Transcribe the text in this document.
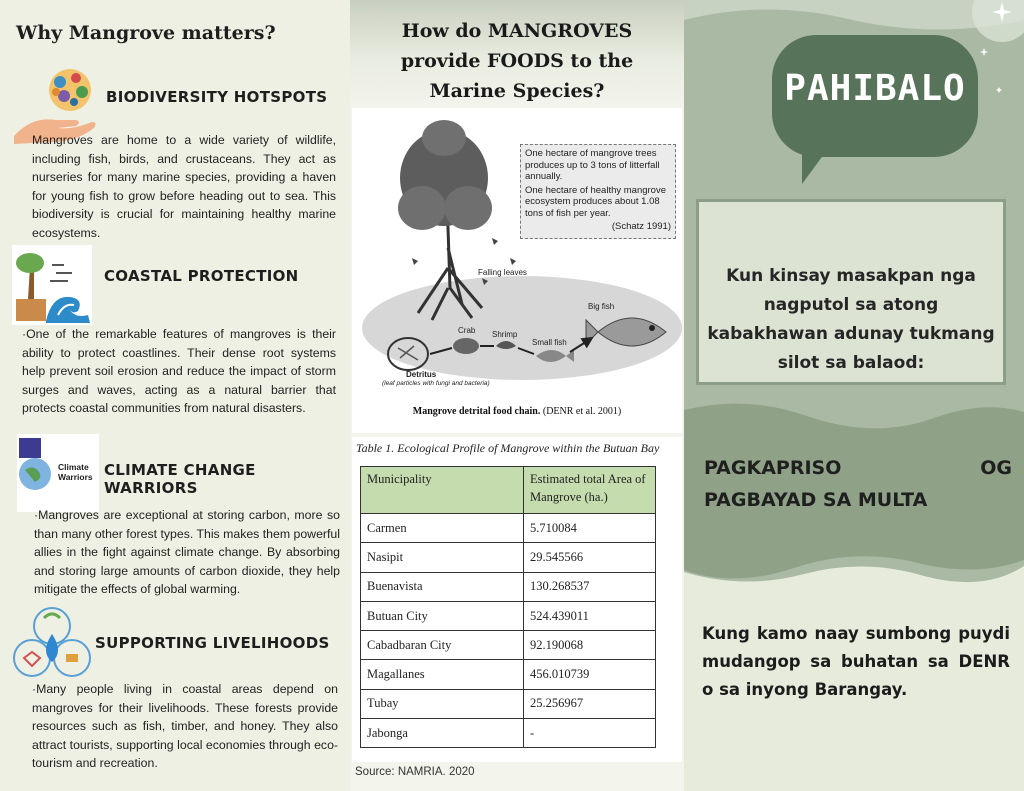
Why Mangrove matters?
BIODIVERSITY HOTSPOTS
Mangroves are home to a wide variety of wildlife, including fish, birds, and crustaceans. They act as nurseries for many marine species, providing a haven for young fish to grow before heading out to sea. This biodiversity is crucial for maintaining healthy marine ecosystems.
COASTAL PROTECTION
·One of the remarkable features of mangroves is their ability to protect coastlines. Their dense root systems help prevent soil erosion and reduce the impact of storm surges and waves, acting as a natural barrier that protects coastal communities from natural disasters.
Climate Warriors CLIMATE CHANGE WARRIORS
·Mangroves are exceptional at storing carbon, more so than many other forest types. This makes them powerful allies in the fight against climate change. By absorbing and storing large amounts of carbon dioxide, they help mitigate the effects of global warming.
SUPPORTING LIVELIHOODS
·Many people living in coastal areas depend on mangroves for their livelihoods. These forests provide resources such as fish, timber, and honey. They also attract tourists, supporting local economies through eco-tourism and recreation.
How do MANGROVES
provide FOODS to the
Marine Species?

One hectare of mangrove trees produces up to 3 tons of litterfall annually.

One hectare of healthy mangrove ecosystem produces about 1.08 tons of fish per year.

(Schatz 1991)

Falling leaves
Crab Shrimp
Small fish
Big fish
Detritus
(leaf particles with fungi and bacteria)
Mangrove detrital food chain. (DENR et al. 2001)
Table 1. Ecological Profile of Mangrove within the Butuan Bay
Municipality	Estimated total Area of Mangrove (ha.)
Carmen	5.710084
Nasipit	29.545566
Buenavista	130.268537
Butuan City	524.439011
Cabadbaran City	92.190068
Magallanes	456.010739
Tubay	25.256967
Jabonga	-
Source: NAMRIA. 2020
PAHIBALO
Kun kinsay masakpan nga nagputol sa atong kabakhawan adunay tukmang silot sa balaod:
PAGKAPRISO	OG
PAGBAYAD SA MULTA
Kung kamo naay sumbong puydi mudangop sa buhatan sa DENR o sa inyong Barangay.
